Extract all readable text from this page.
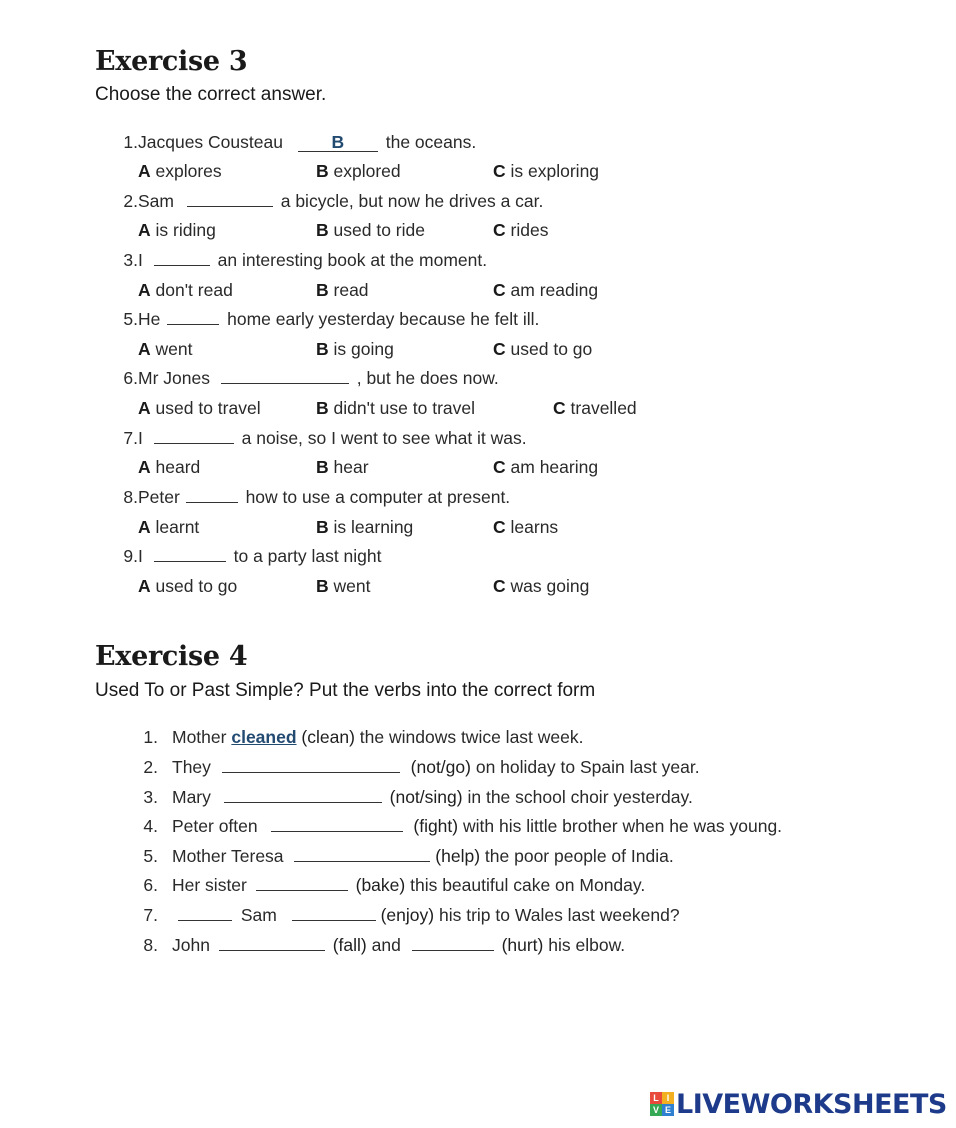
Exercise 3
Choose the correct answer.
1. Jacques Cousteau	B the oceans.
A explores	B explored	C is exploring
2. Sam	a bicycle, but now he drives a car.
A is riding	B used to ride	C rides
3. I	an interesting book at the moment.
A don't read	B read	C am reading
5. He	home early yesterday because he felt ill.
A went	B is going	C used to go
6. Mr Jones	, but he does now.
A used to travel	B didn't use to travel	C travelled
7. I	a noise, so I went to see what it was.
A heard	B hear	C am hearing
8. Peter	how to use a computer at present.
A learnt	B is learning	C learns
9. I	to a party last night
A used to go	B went	C was going
Exercise 4
Used To or Past Simple? Put the verbs into the correct form
1. Mother cleaned (clean) the windows twice last week.
2. They	(not/go) on holiday to Spain last year.
3. Mary	(not/sing) in the school choir yesterday.
4. Peter often	(fight) with his little brother when he was young.
5. Mother Teresa	(help) the poor people of India.
6. Her sister	(bake) this beautiful cake on Monday.
7.	Sam	(enjoy) his trip to Wales last weekend?
8. John	(fall) and	(hurt) his elbow.
L I
V E LIVEWORKSHEETS
